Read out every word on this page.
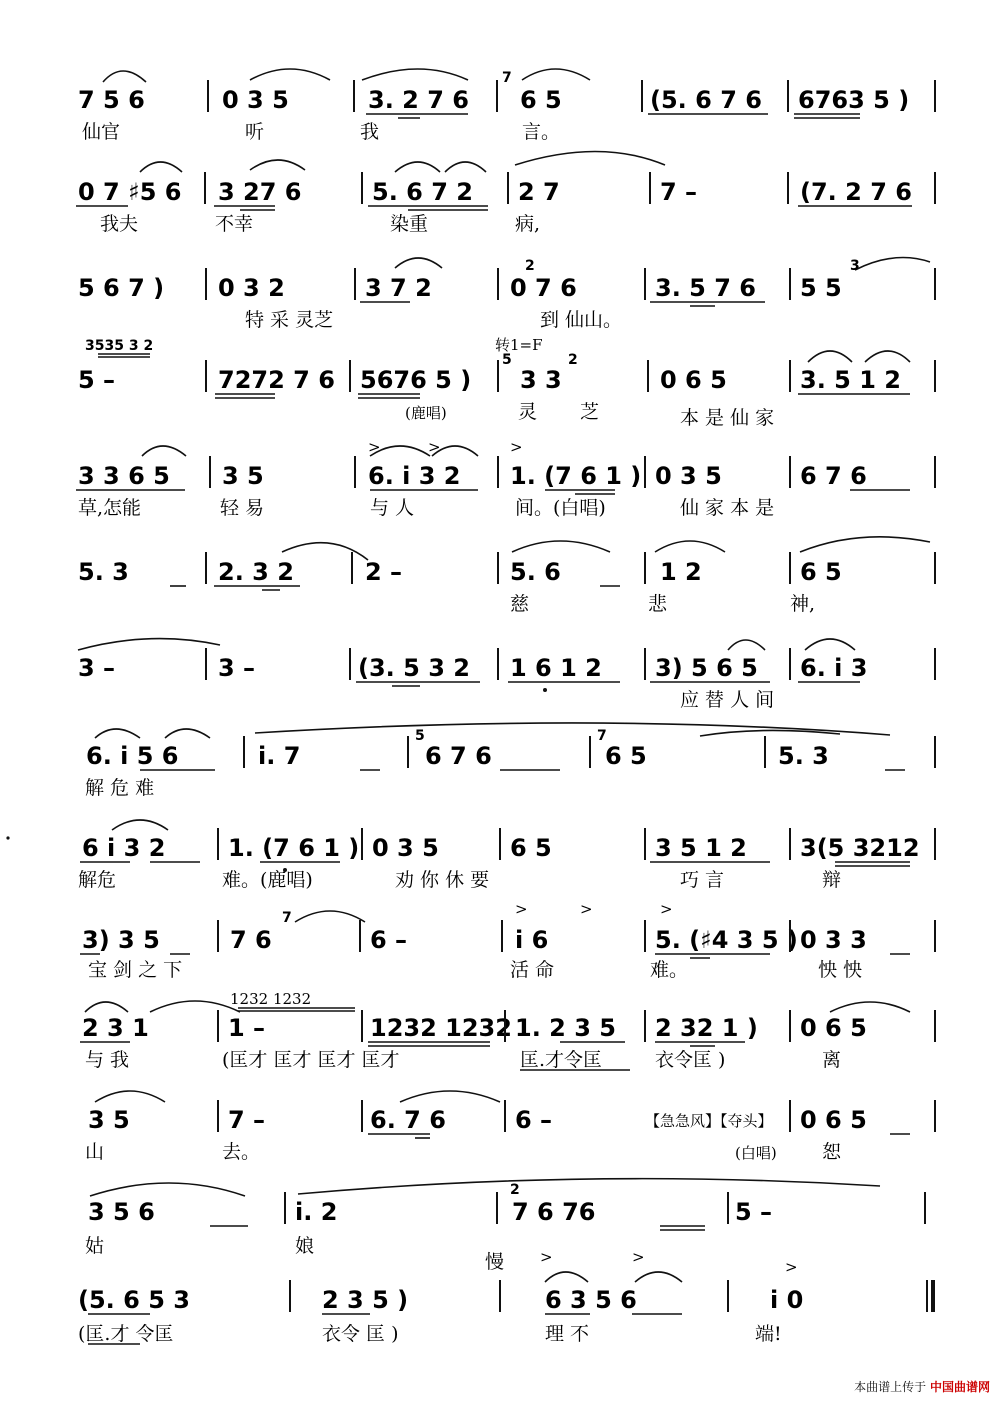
7 5 6	0 3 5	3. 2 7 6 6 5	(5. 6 7 6 6763 5 )
7
仙官	听	我	言。
0 7 ♯5 6 3 27 6	5. 6 7 2 2 7	7 –	(7. 2 7 6
我夫	不幸	染重	病,
5 6 7 ) 0 3 2	3 7 2	0 7 6	3. 5 7 6 5 5
2	3
特 采 灵芝	到 仙山。
3535 3 2	转1=F
5 –	7272 7 6 5676 5 ) 3 3	0 6 5	3. 5 1 2
5	2
(鹿唱)	灵 芝	本 是 仙 家
>	>	>
3 3 6 5 3 5	6. i 3 2 1. (7 6 1 ) 0 3 5	6 7 6
草,怎能	轻 易	与 人	间。(白唱)	仙 家 本 是
5. 3	2. 3 2	2 –	5. 6	1 2	6 5
慈	悲	神,
3 –	3 –	(3. 5 3 2 1 6 1 2 3) 5 6 5 6. i 3
应 替 人 间
6. i 5 6	i. 7	6 7 6	6 5	5. 3
5	7
解 危 难
6 i 3 2	1. (7 6 1 ) 0 3 5	6 5	3 5 1 2 3(5 3212
解危	难。(鹿唱)	劝 你 休 要	巧 言	辩
>	>	>
3) 3 5	7 6	6 –	i 6	5. (♯4 3 5 ) 0 3 3
7
宝 剑 之 下	活 命	难。	怏 怏
1232 1232
2 3 1	1 –	1232 1232 1. 2 3 5 2 32 1 ) 0 6 5
与 我	(匡才 匡才 匡才 匡才	匡.才令匡	衣令匡 )	离
3 5	7 –	6. 7 6	6 –	【急急风】【夺头】 0 6 5
山	去。	(白唱) 恕
3 5 6	i. 2	7 6 76	5 –
2
姑	娘
慢 >	>
>
(5. 6 5 3	2 3 5 )	6 3 5 6	i 0
(匡.才 令匡	衣令 匡 )	理 不	端!
本曲谱上传于 中国曲谱网
